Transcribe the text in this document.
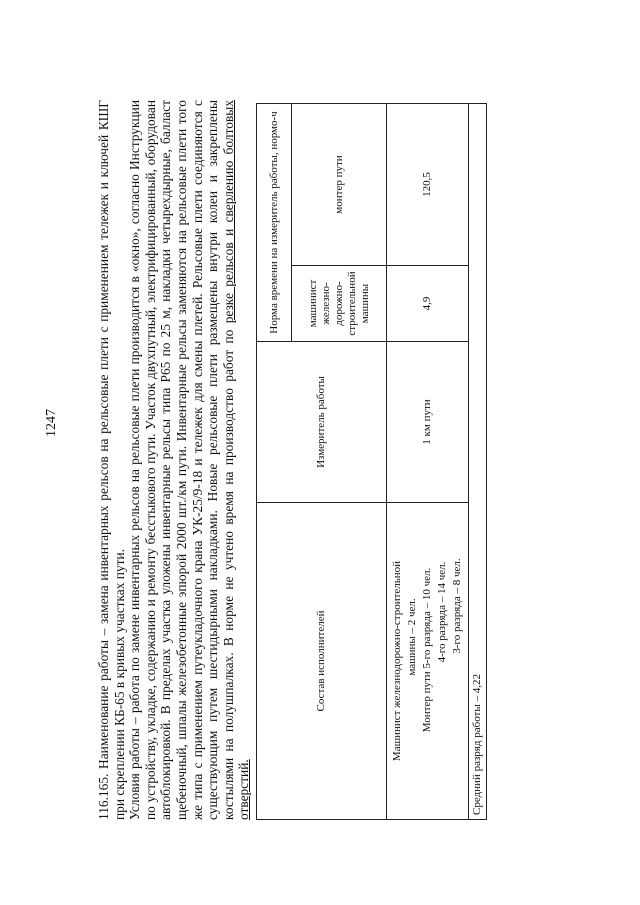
1247	116.165. Наименование работы – замена инвентарных рельсов на рельсовые плети с применением тележек и ключей КШГ при скреплении КБ-65 в кривых участках пути. Условия работы – работа по замене инвентарных рельсов на рельсовые плети производится в «окно», согласно Инструкции по устройству, укладке, содержанию и ремонту бесстыкового пути. Участок двухпутный, электрифицированный, оборудован автоблокировкой. В пределах участка уложены инвентарные рельсы типа Р65 по 25 м, накладки четырехдырные, балласт щебеночный, шпалы железобетонные эпюрой 2000 шт./км пути. Инвентарные рельсы заменяются на рельсовые плети того же типа с применением путеукладочного крана УК-25/9-18 и тележек для смены плетей. Рельсовые плети соединяются с существующим путем шестидырными накладками. Новые рельсовые плети размещены внутри колеи и закреплены костылями на полушпалках. В норме не учтено время на производство работ по резке рельсов и сверлению болтовых отверстий.

Состав исполнителей	Измеритель работы	Норма времени на измеритель работы, нормо-ч	
		машинист железно-дорожно-строительной машины	монтер пути

Машинист железнодорожно-строительной машины – 2 чел. Монтер пути 5-го разряда – 10 чел. 4-го разряда – 14 чел. 3-го разряда – 8 чел.	1 км пути	4,9	120,5
Средний разряд работы – 4,22			
